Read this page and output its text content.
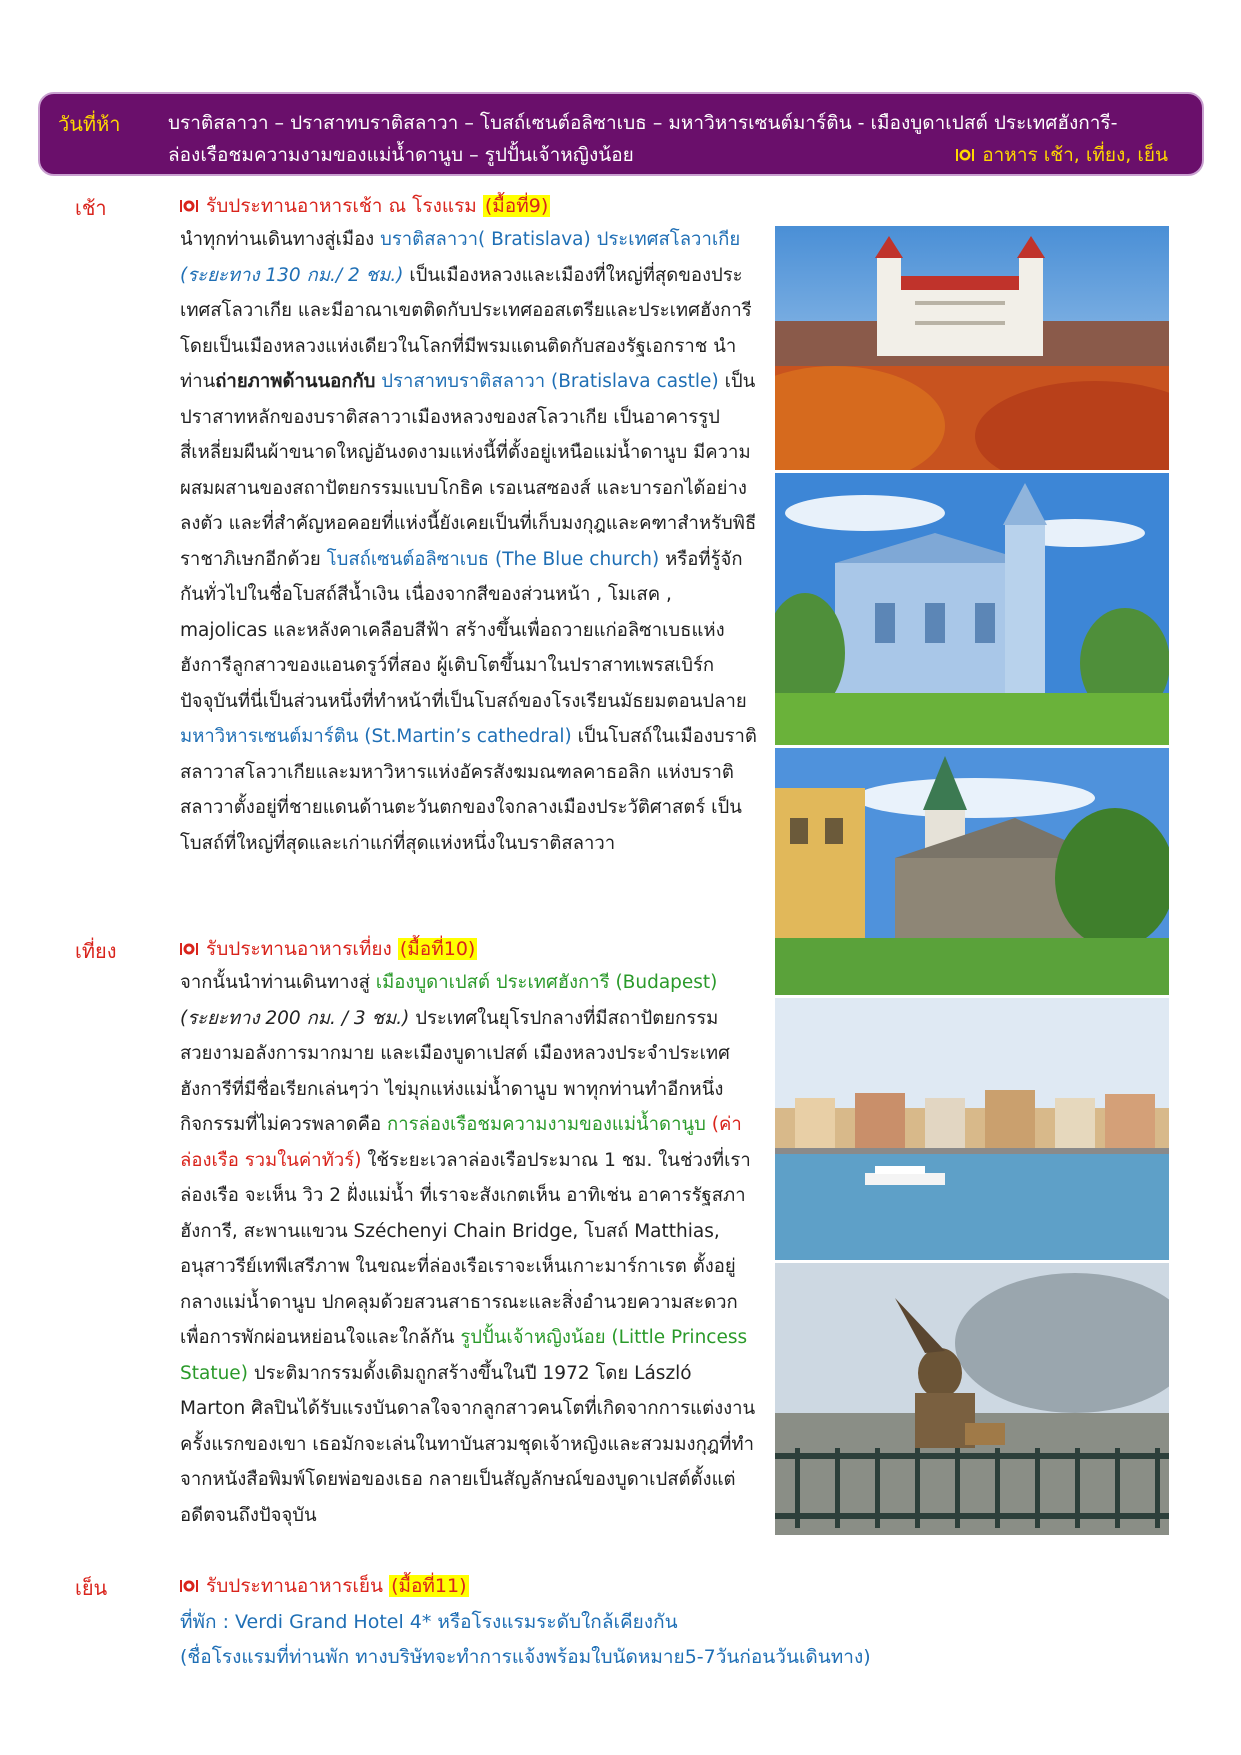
วันที่ห้า	บราติสลาวา – ปราสาทบราติสลาวา – โบสถ์เซนต์อลิซาเบธ – มหาวิหารเซนต์มาร์ติน - เมืองบูดาเปสต์ ประเทศฮังการี-
ล่องเรือชมความงามของแม่น้ำดานูบ – รูปปั้นเจ้าหญิงน้อย	อาหาร เช้า, เที่ยง, เย็น
เช้า	รับประทานอาหารเช้า ณ โรงแรม (มื้อที่9)

นำทุกท่านเดินทางสู่เมือง บราติสลาวา( Bratislava) ประเทศสโลวาเกีย (ระยะทาง 130 กม./ 2 ชม.) เป็นเมืองหลวงและเมืองที่ใหญ่ที่สุดของประเทศสโลวาเกีย และมีอาณาเขตติดกับประเทศออสเตรียและประเทศฮังการี โดยเป็นเมืองหลวงแห่งเดียวในโลกที่มีพรมแดนติดกับสองรัฐเอกราช นำท่านถ่ายภาพด้านนอกกับ ปราสาทบราติสลาวา (Bratislava castle) เป็นปราสาทหลักของบราติสลาวาเมืองหลวงของสโลวาเกีย เป็นอาคารรูปสี่เหลี่ยมผืนผ้าขนาดใหญ่อันงดงามแห่งนี้ที่ตั้งอยู่เหนือแม่น้ำดานูบ มีความผสมผสานของสถาปัตยกรรมแบบโกธิค เรอเนสซองส์ และบารอกได้อย่างลงตัว และที่สำคัญหอคอยที่แห่งนี้ยังเคยเป็นที่เก็บมงกุฎและคฑาสำหรับพิธีราชาภิเษกอีกด้วย โบสถ์เซนต์อลิซาเบธ (The Blue church) หรือที่รู้จักกันทั่วไปในชื่อโบสถ์สีน้ำเงิน เนื่องจากสีของส่วนหน้า , โมเสค , majolicas และหลังคาเคลือบสีฟ้า สร้างขึ้นเพื่อถวายแก่อลิซาเบธแห่งฮังการีลูกสาวของแอนดรูว์ที่สอง ผู้เติบโตขึ้นมาในปราสาทเพรสเบิร์ก ปัจจุบันที่นี่เป็นส่วนหนึ่งที่ทำหน้าที่เป็นโบสถ์ของโรงเรียนมัธยมตอนปลาย มหาวิหารเซนต์มาร์ติน (St.Martin’s cathedral) เป็นโบสถ์ในเมืองบราติสลาวาสโลวาเกียและมหาวิหารแห่งอัครสังฆมณฑลคาธอลิก แห่งบราติสลาวาตั้งอยู่ที่ชายแดนด้านตะวันตกของใจกลางเมืองประวัติศาสตร์ เป็นโบสถ์ที่ใหญ่ที่สุดและเก่าแก่ที่สุดแห่งหนึ่งในบราติสลาวา

เที่ยง	รับประทานอาหารเที่ยง (มื้อที่10)

จากนั้นนำท่านเดินทางสู่ เมืองบูดาเปสต์ ประเทศฮังการี (Budapest) (ระยะทาง 200 กม. / 3 ชม.) ประเทศในยุโรปกลางที่มีสถาปัตยกรรมสวยงามอลังการมากมาย และเมืองบูดาเปสต์ เมืองหลวงประจำประเทศฮังการีที่มีชื่อเรียกเล่นๆว่า ไข่มุกแห่งแม่น้ำดานูบ พาทุกท่านทำอีกหนึ่งกิจกรรมที่ไม่ควรพลาดคือ การล่องเรือชมความงามของแม่น้ำดานูบ (ค่าล่องเรือ รวมในค่าทัวร์) ใช้ระยะเวลาล่องเรือประมาณ 1 ชม. ในช่วงที่เราล่องเรือ จะเห็น วิว 2 ฝั่งแม่น้ำ ที่เราจะสังเกตเห็น อาทิเช่น อาคารรัฐสภาฮังการี, สะพานแขวน Széchenyi Chain Bridge, โบสถ์ Matthias, อนุสาวรีย์เทพีเสรีภาพ ในขณะที่ล่องเรือเราจะเห็นเกาะมาร์กาเรต ตั้งอยู่กลางแม่น้ำดานูบ ปกคลุมด้วยสวนสาธารณะและสิ่งอำนวยความสะดวกเพื่อการพักผ่อนหย่อนใจและใกล้กัน รูปปั้นเจ้าหญิงน้อย (Little Princess Statue) ประติมากรรมดั้งเดิมถูกสร้างขึ้นในปี 1972 โดย László Marton ศิลปินได้รับแรงบันดาลใจจากลูกสาวคนโตที่เกิดจากการแต่งงานครั้งแรกของเขา เธอมักจะเล่นในทาบันสวมชุดเจ้าหญิงและสวมมงกุฎที่ทำจากหนังสือพิมพ์โดยพ่อของเธอ กลายเป็นสัญลักษณ์ของบูดาเปสต์ตั้งแต่อดีตจนถึงปัจจุบัน

เย็น	รับประทานอาหารเย็น (มื้อที่11)
ที่พัก : Verdi Grand Hotel 4* หรือโรงแรมระดับใกล้เคียงกัน
(ชื่อโรงแรมที่ท่านพัก ทางบริษัทจะทำการแจ้งพร้อมใบนัดหมาย5-7วันก่อนวันเดินทาง)
